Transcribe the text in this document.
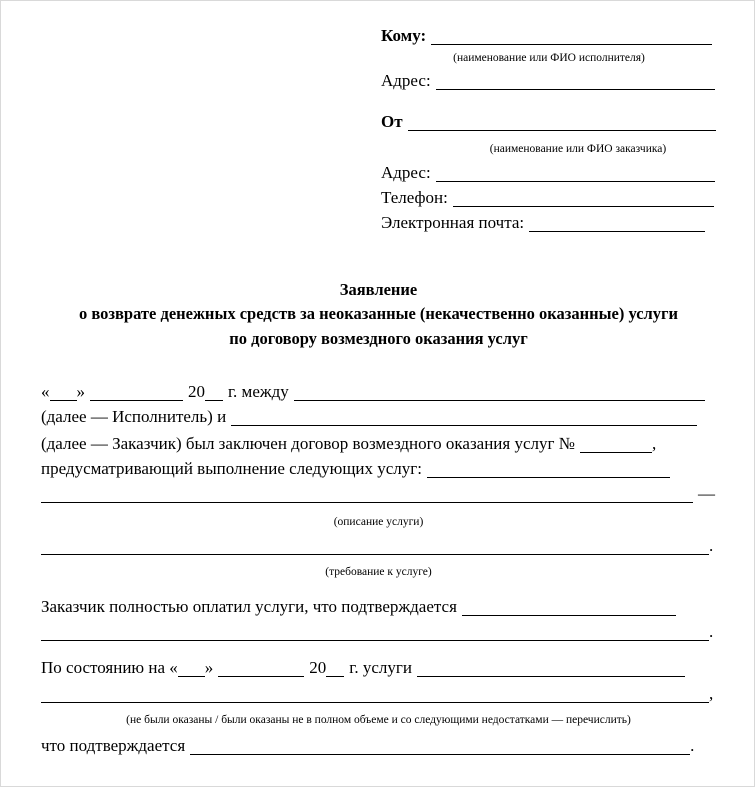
Кому:
(наименование или ФИО исполнителя)
Адрес:
От
(наименование или ФИО заказчика)
Адрес:
Телефон:
Электронная почта:
Заявление
о возврате денежных средств за неоказанные (некачественно оказанные) услуги
по договору возмездного оказания услуг
« »	20 г. между
(далее — Исполнитель) и
(далее — Заказчик) был заключен договор возмездного оказания услуг №	,
предусматривающий выполнение следующих услуг:
—
(описание услуги)
.
(требование к услуге)
Заказчик полностью оплатил услуги, что подтверждается
.
По состоянию на « »	20 г. услуги
,
(не были оказаны / были оказаны не в полном объеме и со следующими недостатками — перечислить)
что подтверждается	.
